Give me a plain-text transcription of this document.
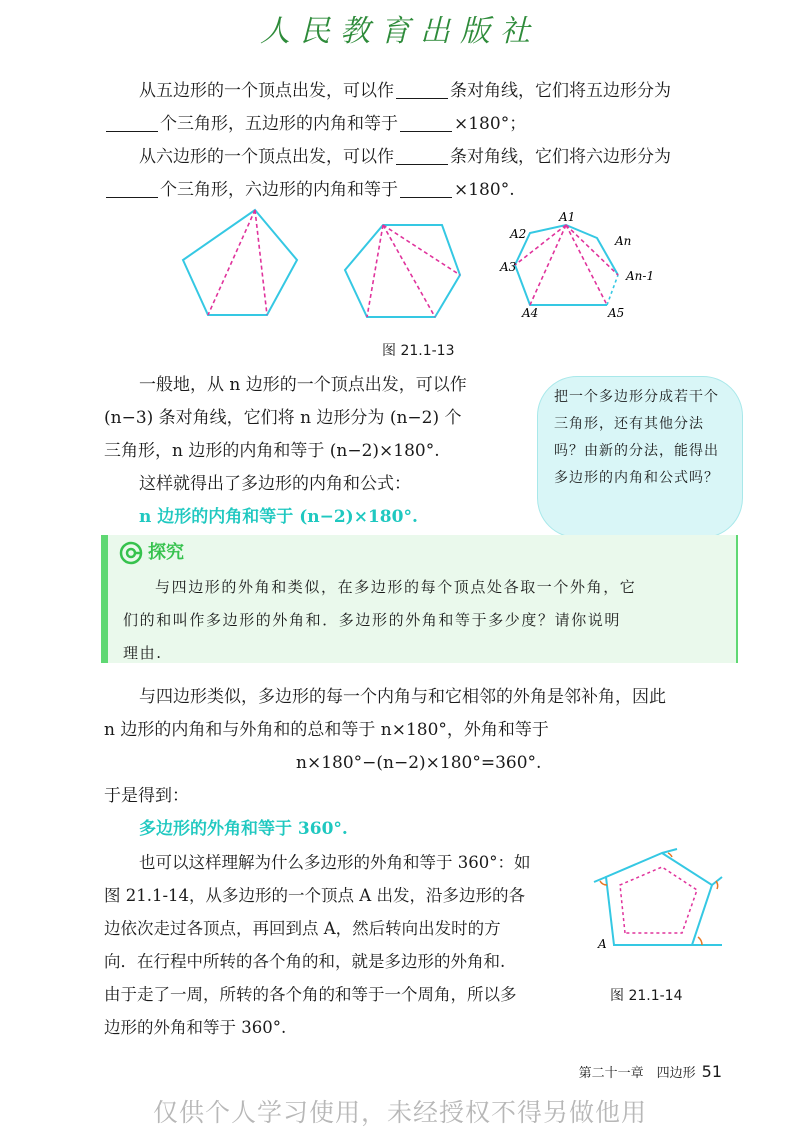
人民教育出版社
从五边形的一个顶点出发，可以作	条对角线，它们将五边形分为
个三角形，五边形的内角和等于	×180°；
从六边形的一个顶点出发，可以作	条对角线，它们将六边形分为
个三角形，六边形的内角和等于	×180°.
A1
A2
A3
A4	A5
An
An-1
图 21.1-13
一般地，从 n 边形的一个顶点出发，可以作
(n−3) 条对角线，它们将 n 边形分为 (n−2) 个
三角形，n 边形的内角和等于 (n−2)×180°.
这样就得出了多边形的内角和公式：
n 边形的内角和等于 (n−2)×180°.
把一个多边形分成若干个三角形，还有其他分法吗？由新的分法，能得出多边形的内角和公式吗？
探究
与四边形的外角和类似，在多边形的每个顶点处各取一个外角，它
们的和叫作多边形的外角和．多边形的外角和等于多少度？请你说明
理由.
与四边形类似，多边形的每一个内角与和它相邻的外角是邻补角，因此
n 边形的内角和与外角和的总和等于 n×180°，外角和等于
n×180°−(n−2)×180°=360°.
于是得到：
多边形的外角和等于 360°.
也可以这样理解为什么多边形的外角和等于 360°：如
图 21.1-14，从多边形的一个顶点 A 出发，沿多边形的各
边依次走过各顶点，再回到点 A，然后转向出发时的方
向．在行程中所转的各个角的和，就是多边形的外角和.
由于走了一周，所转的各个角的和等于一个周角，所以多
边形的外角和等于 360°.
A
图 21.1-14
第二十一章　四边形 51
仅供个人学习使用，未经授权不得另做他用
